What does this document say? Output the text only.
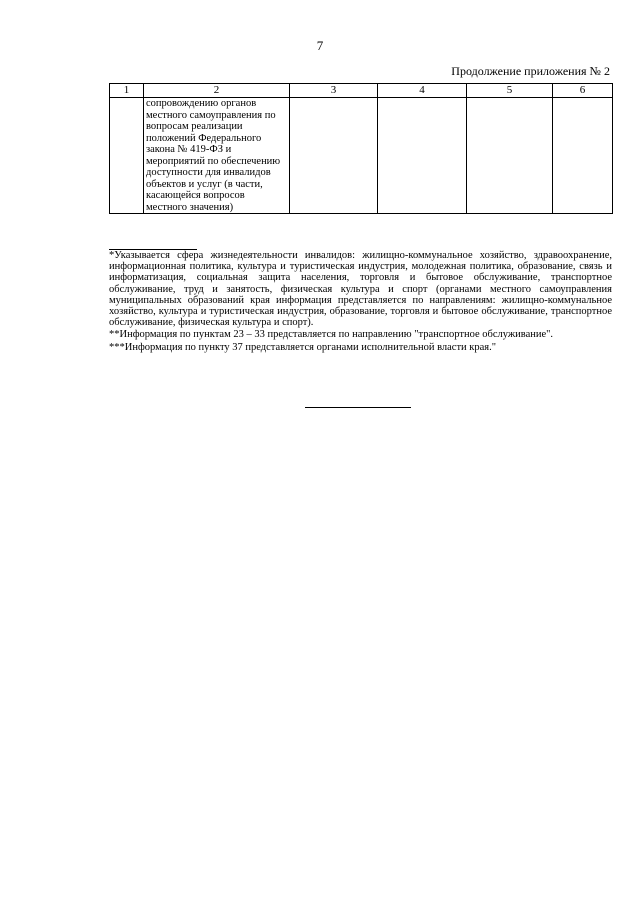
7
Продолжение приложения № 2
1	2	3	4	5	6
	сопровождению органов местного самоуправления по вопросам реализации положений Федерального закона № 419-ФЗ и мероприятий по обеспечению доступности для инвалидов объектов и услуг (в части, касающейся вопросов местного значения)				

*Указывается сфера жизнедеятельности инвалидов: жилищно-коммунальное хозяйство, здравоохранение, информационная политика, культура и туристическая индустрия, молодежная политика, образование, связь и информатизация, социальная защита населения, торговля и бытовое обслуживание, транспортное обслуживание, труд и занятость, физическая культура и спорт (органами местного самоуправления муниципальных образований края информация представляется по направлениям: жилищно-коммунальное хозяйство, культура и туристическая индустрия, образование, торговля и бытовое обслуживание, транспортное обслуживание, физическая культура и спорт).

**Информация по пунктам 23 – 33 представляется по направлению "транспортное обслуживание".

***Информация по пункту 37 представляется органами исполнительной власти края."
